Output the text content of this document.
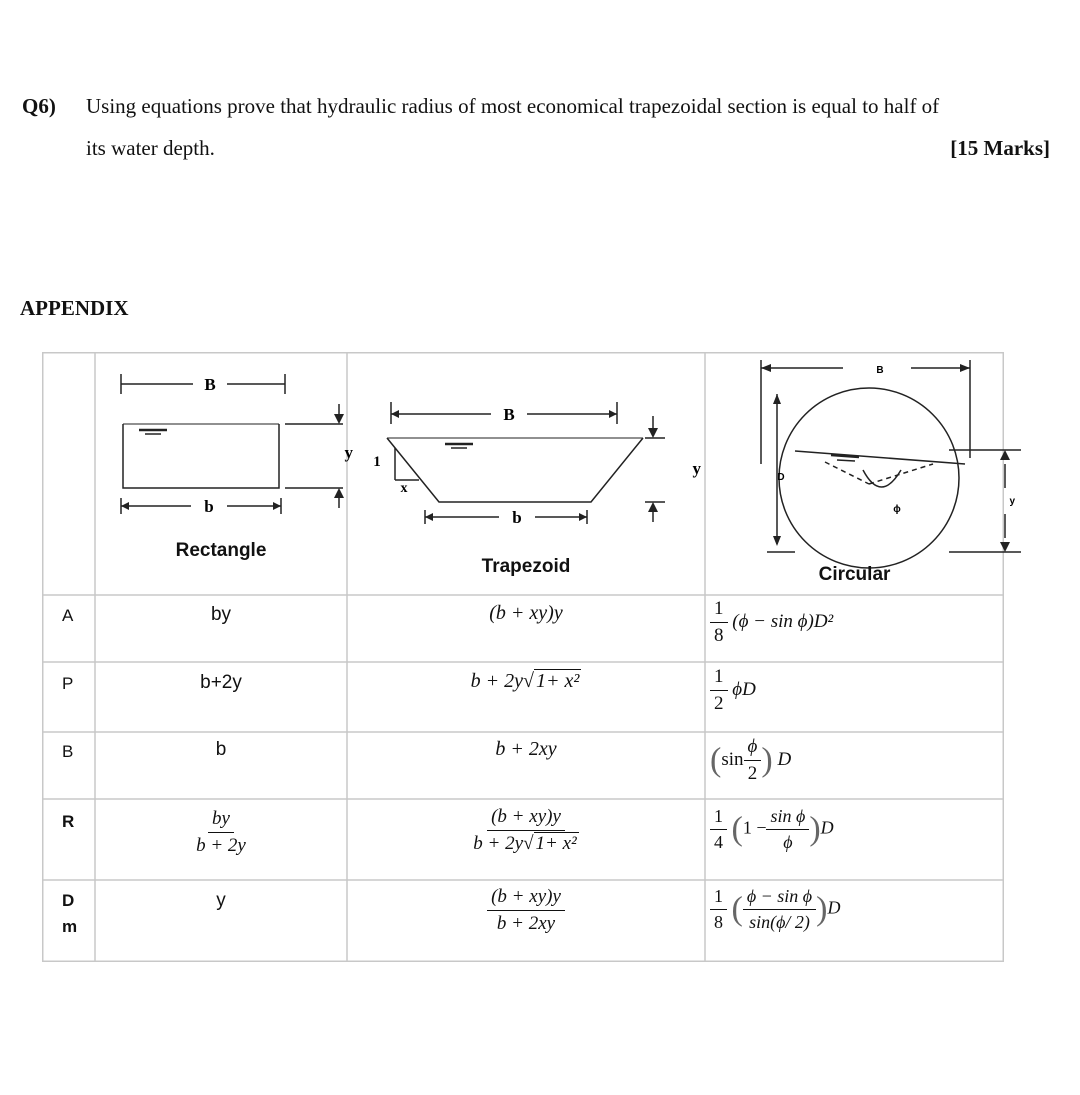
Q6) Using equations prove that hydraulic radius of most economical trapezoidal section is equal to half of
its water depth.	[15 Marks]
APPENDIX
B
b
y
Rectangle
B
b
y
1
x
Trapezoid
B
D
y
ϕ
Circular
A	by	(b + xy)y	$\frac{1}{8} (\phi - \sin \phi)D^2$
P	b+2y	b + 2y√ 1+ x²	$\frac{1}{2}$ ϕD
B	b	b + 2xy	($\sin \frac{\phi}{2}$ ) D
R	$\frac{by}{b + 2y}$	$\frac{(b + xy)y}{\text{b + 2y√ 1+ x²}}$	$\frac{1}{4} (1 - \frac{\text{sin ϕ}}{\phi} )D$
D
m
y	$\frac{(b + xy)y}{b + 2xy}$	$\frac{1}{8}$ ( $\frac{\text{ϕ − sin ϕ}}{\sin(\phi/ 2)} )D$
